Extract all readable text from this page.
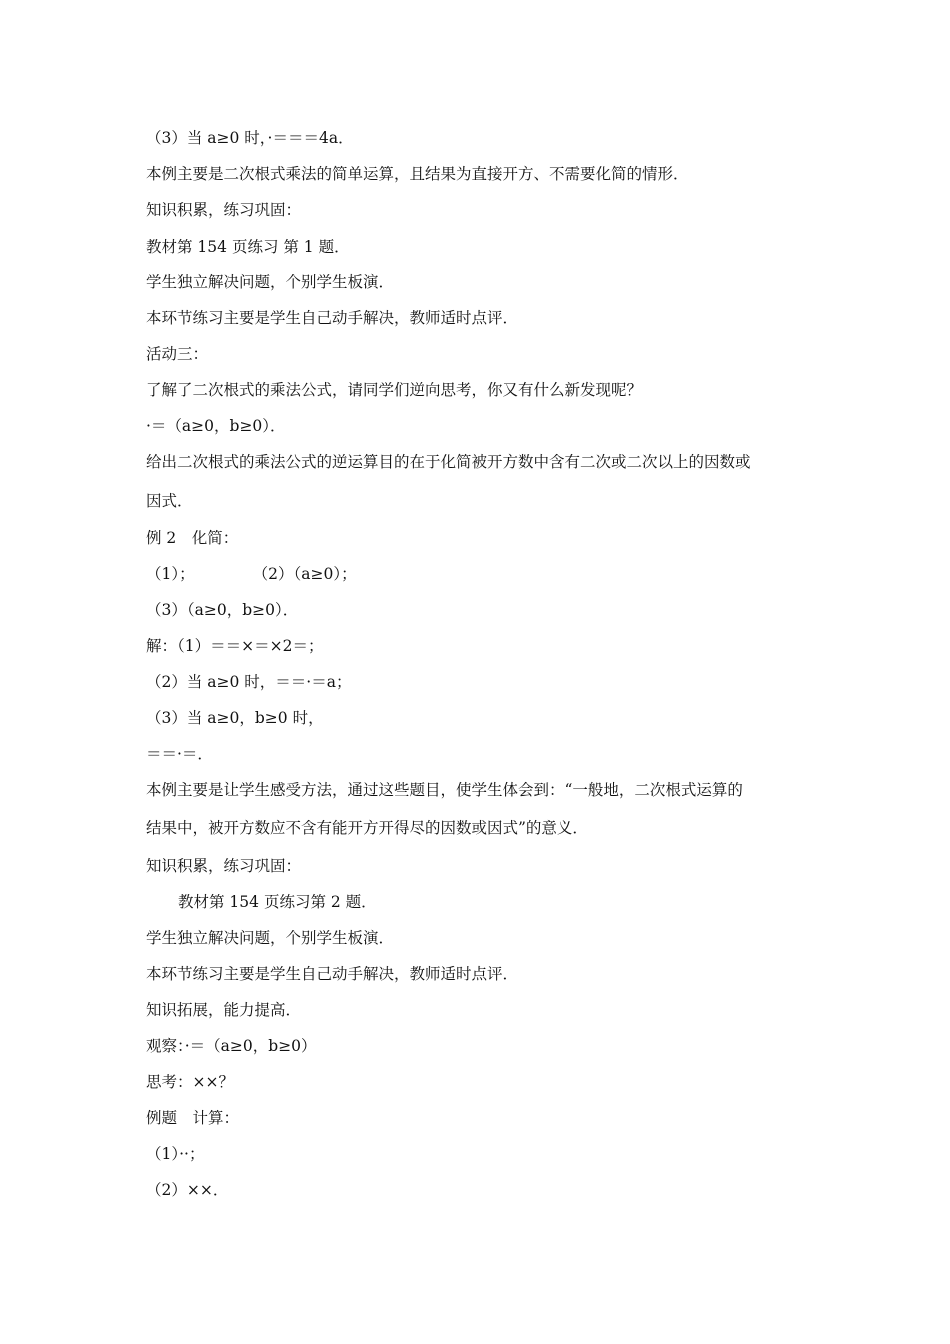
（3）当 a≥0 时，·＝＝＝4a．
本例主要是二次根式乘法的简单运算，且结果为直接开方、不需要化简的情形．
知识积累，练习巩固：
教材第 154 页练习 第 1 题．
学生独立解决问题，个别学生板演．
本环节练习主要是学生自己动手解决，教师适时点评．
活动三：
了解了二次根式的乘法公式，请同学们逆向思考，你又有什么新发现呢？
·＝（a≥0，b≥0）．
给出二次根式的乘法公式的逆运算目的在于化简被开方数中含有二次或二次以上的因数或
因式．
例 2　化简：
（1）；	（2）（a≥0）；
（3）（a≥0，b≥0）．
解：（1）＝＝×＝×2＝；
（2）当 a≥0 时，＝＝·＝a；
（3）当 a≥0，b≥0 时，
＝＝·＝．
本例主要是让学生感受方法，通过这些题目，使学生体会到：“一般地，二次根式运算的
结果中，被开方数应不含有能开方开得尽的因数或因式”的意义．
知识积累，练习巩固：
教材第 154 页练习第 2 题．
学生独立解决问题，个别学生板演．
本环节练习主要是学生自己动手解决，教师适时点评．
知识拓展，能力提高．
观察：·＝（a≥0，b≥0）
思考：××？
例题　计算：
（1）··；
（2）××．
